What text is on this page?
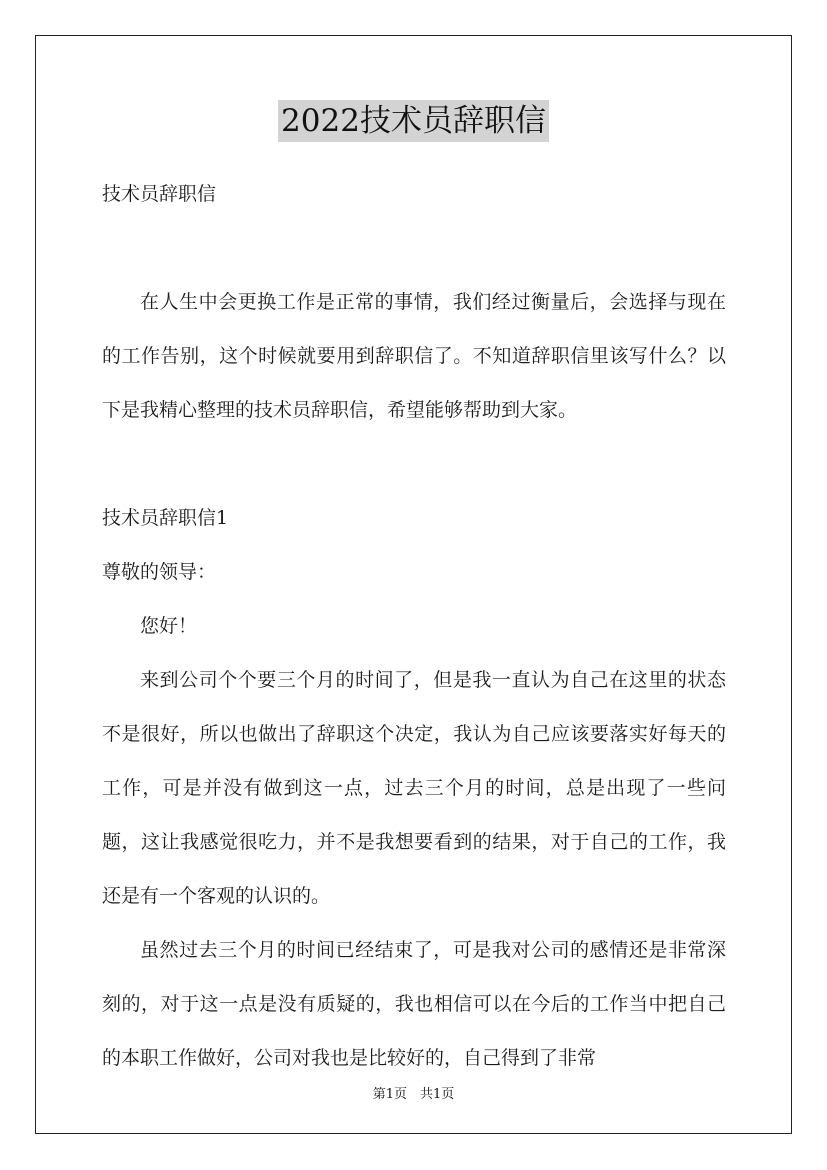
2022技术员辞职信
技术员辞职信

在人生中会更换工作是正常的事情，我们经过衡量后，会选择与现在的工作告别，这个时候就要用到辞职信了。不知道辞职信里该写什么？以下是我精心整理的技术员辞职信，希望能够帮助到大家。

技术员辞职信1
尊敬的领导：

您好！

来到公司个个要三个月的时间了，但是我一直认为自己在这里的状态不是很好，所以也做出了辞职这个决定，我认为自己应该要落实好每天的工作，可是并没有做到这一点，过去三个月的时间，总是出现了一些问题，这让我感觉很吃力，并不是我想要看到的结果，对于自己的工作，我还是有一个客观的认识的。

虽然过去三个月的时间已经结束了，可是我对公司的感情还是非常深刻的，对于这一点是没有质疑的，我也相信可以在今后的工作当中把自己的本职工作做好，公司对我也是比较好的，自己得到了非常

第1页　共1页
